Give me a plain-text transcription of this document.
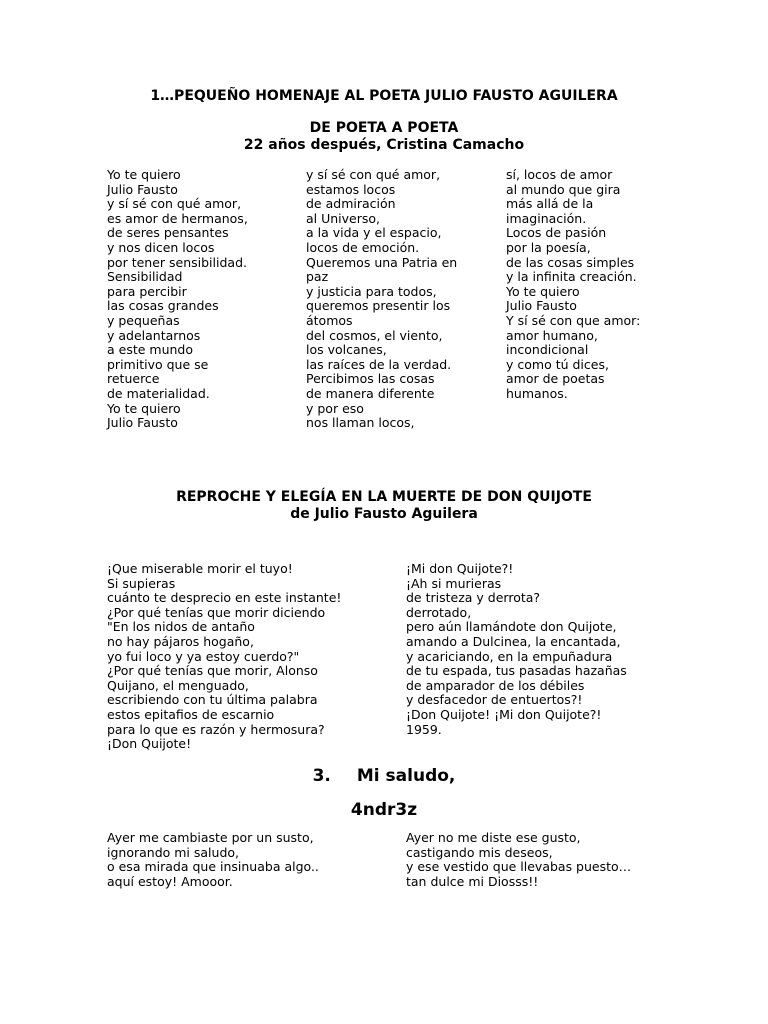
1…PEQUEÑO HOMENAJE AL POETA JULIO FAUSTO AGUILERA
DE POETA A POETA
22 años después, Cristina Camacho
Yo te quiero
Julio Fausto
y sí sé con qué amor,
es amor de hermanos,
de seres pensantes
y nos dicen locos
por tener sensibilidad.
Sensibilidad
para percibir
las cosas grandes
y pequeñas
y adelantarnos
a este mundo
primitivo que se
retuerce
de materialidad.
Yo te quiero
Julio Fausto
y sí sé con qué amor,
estamos locos
de admiración
al Universo,
a la vida y el espacio,
locos de emoción.
Queremos una Patria en
paz
y justicia para todos,
queremos presentir los
átomos
del cosmos, el viento,
los volcanes,
las raíces de la verdad.
Percibimos las cosas
de manera diferente
y por eso
nos llaman locos,
sí, locos de amor
al mundo que gira
más allá de la
imaginación.
Locos de pasión
por la poesía,
de las cosas simples
y la infinita creación.
Yo te quiero
Julio Fausto
Y sí sé con que amor:
amor humano,
incondicional
y como tú dices,
amor de poetas
humanos.
REPROCHE Y ELEGÍA EN LA MUERTE DE DON QUIJOTE
de Julio Fausto Aguilera
¡Que miserable morir el tuyo!
Si supieras
cuánto te desprecio en este instante!
¿Por qué tenías que morir diciendo
"En los nidos de antaño
no hay pájaros hogaño,
yo fui loco y ya estoy cuerdo?"
¿Por qué tenías que morir, Alonso
Quijano, el menguado,
escribiendo con tu última palabra
estos epitafios de escarnio
para lo que es razón y hermosura?
¡Don Quijote!
¡Mi don Quijote?!
¡Ah si murieras
de tristeza y derrota?
derrotado,
pero aún llamándote don Quijote,
amando a Dulcinea, la encantada,
y acariciando, en la empuñadura
de tu espada, tus pasadas hazañas
de amparador de los débiles
y desfacedor de entuertos?!
¡Don Quijote! ¡Mi don Quijote?!
1959.
3. Mi saludo,
4ndr3z
Ayer me cambiaste por un susto,
ignorando mi saludo,
o esa mirada que insinuaba algo..
aquí estoy! Amooor.
Ayer no me diste ese gusto,
castigando mis deseos,
y ese vestido que llevabas puesto…
tan dulce mi Diosss!!
